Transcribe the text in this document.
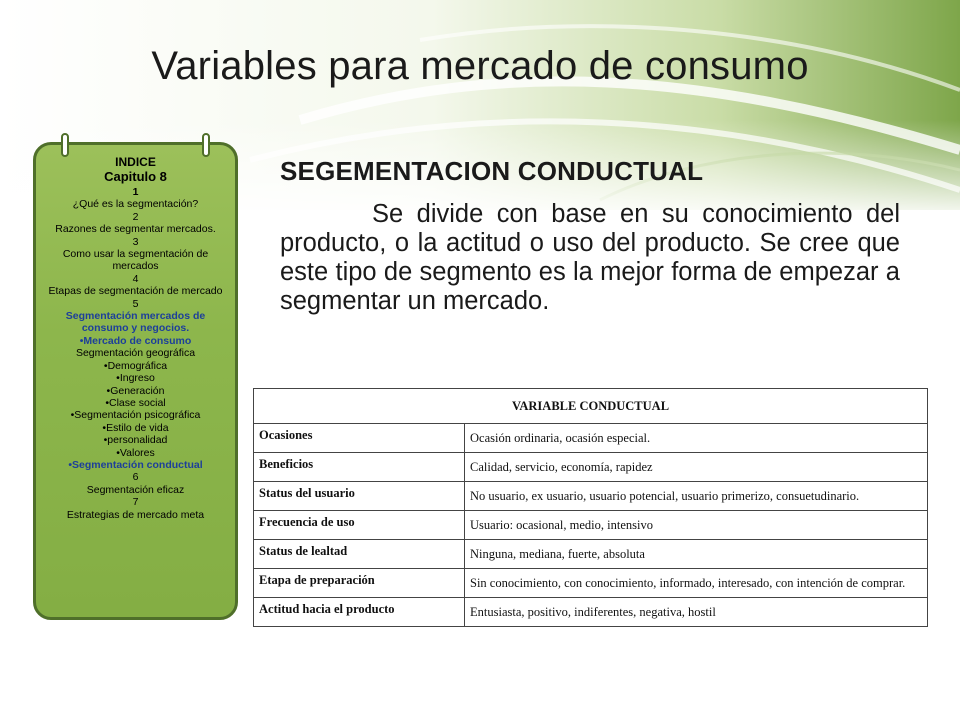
Variables para mercado de consumo
INDICE
Capitulo 8
1
¿Qué es la segmentación?
2
Razones de segmentar mercados.
3
Como usar la segmentación de mercados
4
Etapas de segmentación de mercado
5
Segmentación mercados de consumo y negocios.
•Mercado de consumo
Segmentación geográfica
•Demográfica
•Ingreso
•Generación
•Clase social
•Segmentación psicográfica
•Estilo de vida
•personalidad
•Valores
•Segmentación conductual
6
Segmentación eficaz
7
Estrategias de mercado meta
SEGEMENTACION CONDUCTUAL

Se divide con base en su conocimiento del producto, o la actitud o uso del producto. Se cree que este tipo de segmento es la mejor forma de empezar a segmentar un mercado.

VARIABLE CONDUCTUAL	
Ocasiones	Ocasión ordinaria, ocasión especial.
Beneficios	Calidad, servicio, economía, rapidez
Status del usuario	No usuario, ex usuario, usuario potencial, usuario primerizo, consuetudinario.
Frecuencia de uso	Usuario: ocasional, medio, intensivo
Status de lealtad	Ninguna, mediana, fuerte, absoluta
Etapa de preparación	Sin conocimiento, con conocimiento, informado, interesado, con intención de comprar.
Actitud hacia el producto	Entusiasta, positivo, indiferentes, negativa, hostil
